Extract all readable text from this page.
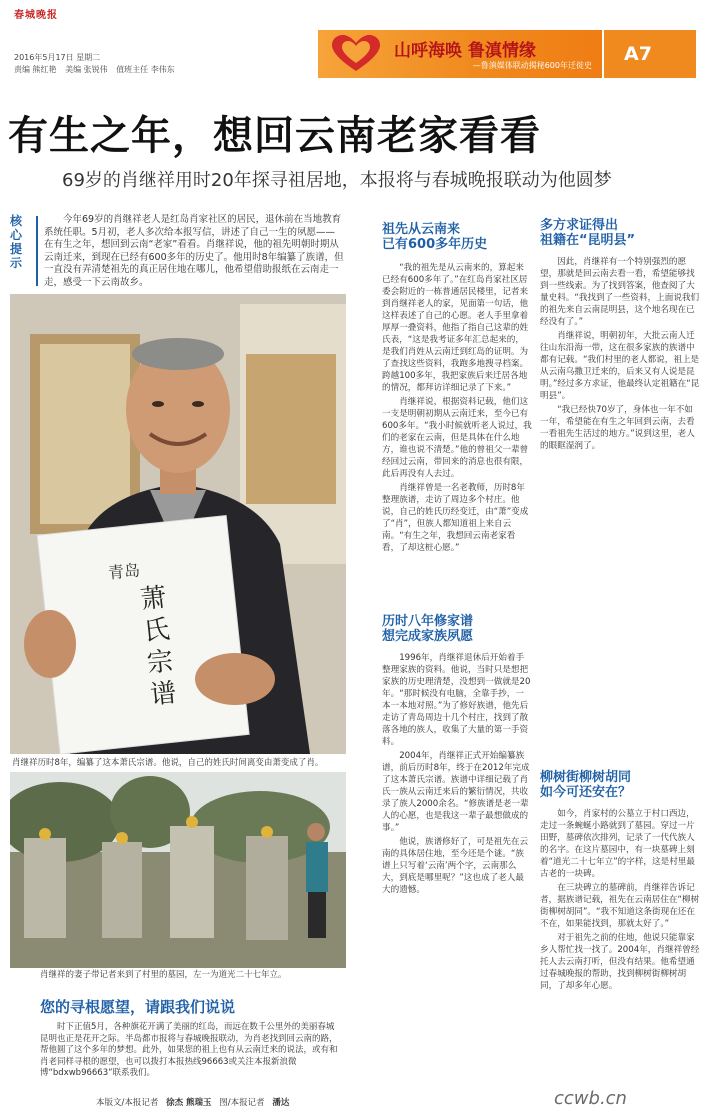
春城晚报
2016年5月17日 星期二
责编 熊红艳 美编 张锐伟 值班主任 李伟东
山呼海唤 鲁滇情缘
—鲁滇媒体联动揭秘600年迁徙史
A7
有生之年，想回云南老家看看
69岁的肖继祥用时20年探寻祖居地，本报将与春城晚报联动为他圆梦
核心提示
今年69岁的肖继祥老人是红岛肖家社区的居民，退休前在当地教育系统任职。5月初，老人多次给本报写信，讲述了自己一生的夙愿——在有生之年，想回到云南“老家”看看。肖继祥说，他的祖先明朝时期从云南迁来，到现在已经有600多年的历史了。他用时8年编纂了族谱，但一直没有弄清楚祖先的真正居住地在哪儿，他希望借助报纸在云南走一走，感受一下云南故乡。
青岛
萧氏宗谱
肖继祥历时8年，编纂了这本萧氏宗谱。他说，自己的姓氏时间离变由萧变成了肖。
肖继祥的妻子带记者来到了村里的墓园，左一为道光二十七年立。
您的寻根愿望，请跟我们说说
时下正值5月，各种旗花开满了美丽的红岛，而远在数千公里外的美丽春城昆明也正是花开之际。半岛都市报将与春城晚报联动，为肖老找到回云南的路，帮他圆了这个多年的梦想。此外，如果您的祖上也有从云南迁来的说法，或有和肖老同样寻根的愿望，也可以拨打本报热线96663或关注本报新浪微博“bdxwb96663”联系我们。
本版文/本报记者 徐杰 熊瑞玉 图/本报记者 潘达
祖先从云南来
已有600多年历史

“我的祖先是从云南来的，算起来已经有600多年了。”在红岛肖家社区居委会附近的一栋普通居民楼里，记者来到肖继祥老人的家，见面第一句话，他这样表述了自己的心愿。老人手里拿着厚厚一叠资料，他指了指自己这辈的姓氏表，“这是我考证多年汇总起来的，是我们肖姓从云南迁到红岛的证明。为了查找这些资料，我跑多地搜寻档案。跨越100多年，我把家族后来迁居各地的情况，都拜访详细记录了下来。”

肖继祥说，根据资料记载，他们这一支是明朝初期从云南迁来，至今已有600多年。“我小时候就听老人说过，我们的老家在云南，但是具体在什么地方，谁也说不清楚。”他的曾祖父一辈曾经回过云南，带回来的消息也很有限，此后再没有人去过。

肖继祥曾是一名老教师，历时8年整理族谱，走访了周边多个村庄。他说，自己的姓氏历经变迁，由“萧”变成了“肖”，但族人都知道祖上来自云南。“有生之年，我想回云南老家看看，了却这桩心愿。”

历时八年修家谱
想完成家族夙愿

1996年，肖继祥退休后开始着手整理家族的资料。他说，当时只是想把家族的历史理清楚，没想到一做就是20年。“那时候没有电脑，全靠手抄，一本一本地对照。”为了修好族谱，他先后走访了青岛周边十几个村庄，找到了散落各地的族人，收集了大量的第一手资料。

2004年，肖继祥正式开始编纂族谱，前后历时8年，终于在2012年完成了这本萧氏宗谱。族谱中详细记载了肖氏一族从云南迁来后的繁衍情况，共收录了族人2000余名。“修族谱是老一辈人的心愿，也是我这一辈子最想做成的事。”

他说，族谱修好了，可是祖先在云南的具体居住地，至今还是个谜。“族谱上只写着‘云南’两个字，云南那么大，到底是哪里呢？”这也成了老人最大的遗憾。

多方求证得出
祖籍在“昆明县”

因此，肖继祥有一个特别强烈的愿望，那就是回云南去看一看，希望能够找到一些线索。为了找到答案，他查阅了大量史料。“我找到了一些资料，上面说我们的祖先来自云南昆明县，这个地名现在已经没有了。”

肖继祥说，明朝初年，大批云南人迁往山东沿海一带，这在很多家族的族谱中都有记载。“我们村里的老人都说，祖上是从云南乌撒卫迁来的，后来又有人说是昆明。”经过多方求证，他最终认定祖籍在“昆明县”。

“我已经快70岁了，身体也一年不如一年，希望能在有生之年回到云南，去看一看祖先生活过的地方。”说到这里，老人的眼眶湿润了。

柳树街柳树胡同
如今可还安在？

如今，肖家村的公墓立于村口西边，走过一条蜿蜒小路就到了墓园。穿过一片田野，墓碑依次排列，记录了一代代族人的名字。在这片墓园中，有一块墓碑上刻着“道光二十七年立”的字样，这是村里最古老的一块碑。

在三块碑立的墓碑前，肖继祥告诉记者，据族谱记载，祖先在云南居住在“柳树街柳树胡同”。“我不知道这条街现在还在不在，如果能找到，那就太好了。”

对于祖先之前的住地，他说只能靠家乡人帮忙找一找了。2004年，肖继祥曾经托人去云南打听，但没有结果。他希望通过春城晚报的帮助，找到柳树街柳树胡同，了却多年心愿。

ccwb.cn
